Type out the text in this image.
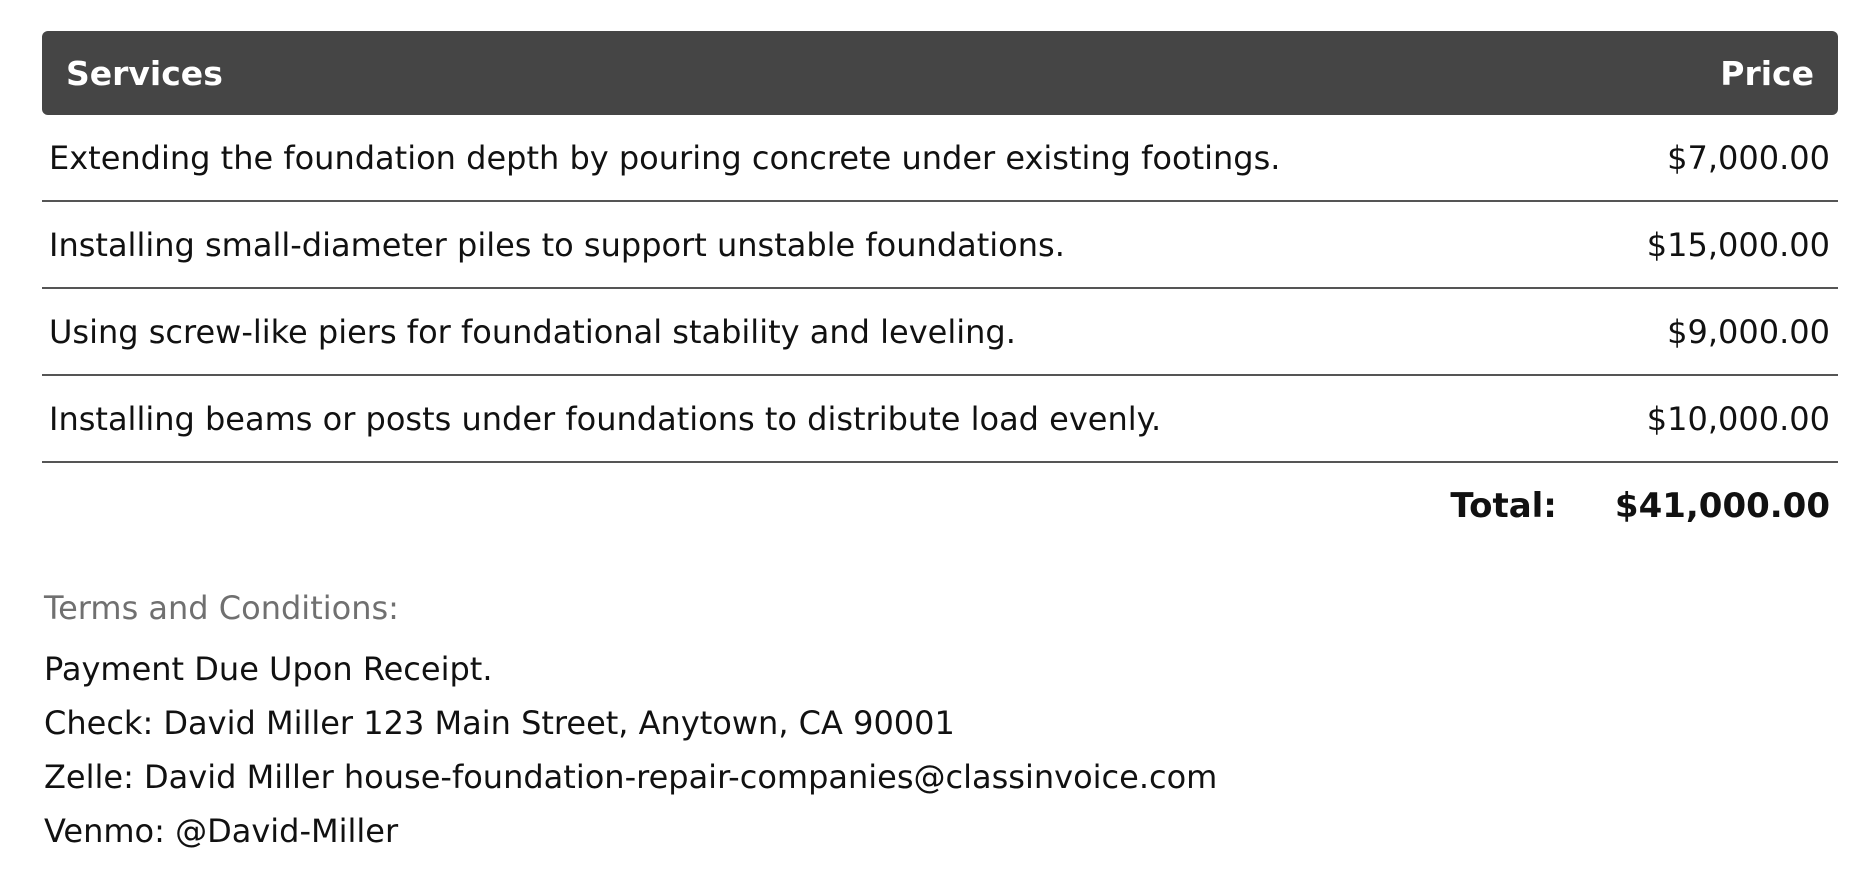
Services	Price
Extending the foundation depth by pouring concrete under existing footings.	$7,000.00
Installing small-diameter piles to support unstable foundations.	$15,000.00
Using screw-like piers for foundational stability and leveling.	$9,000.00
Installing beams or posts under foundations to distribute load evenly.	$10,000.00
Total: $41,000.00
Terms and Conditions:
Payment Due Upon Receipt.
Check: David Miller 123 Main Street, Anytown, CA 90001
Zelle: David Miller house-foundation-repair-companies@classinvoice.com
Venmo: @David-Miller
